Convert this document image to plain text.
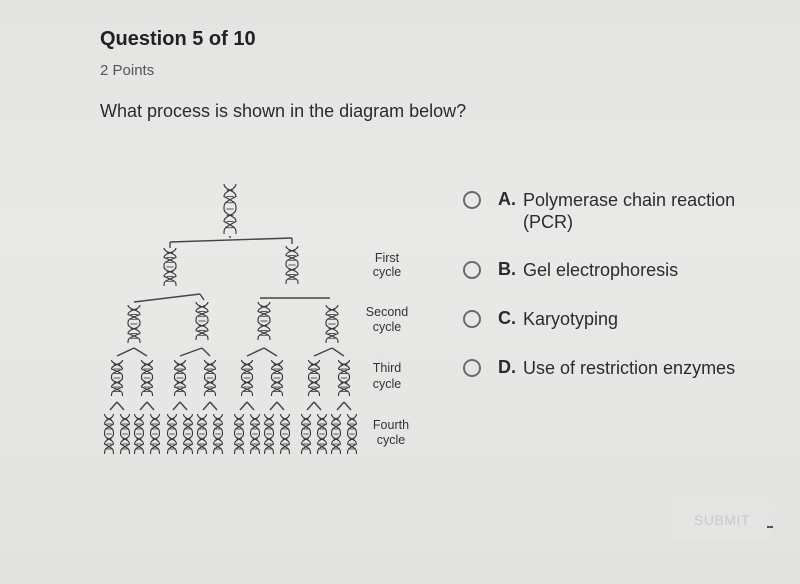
Question 5 of 10
2 Points
What process is shown in the diagram below?
First
cycle
Second
cycle
Third
cycle
Fourth
cycle
A. Polymerase chain reaction (PCR)
B. Gel electrophoresis
C. Karyotyping
D. Use of restriction enzymes
SUBMIT
